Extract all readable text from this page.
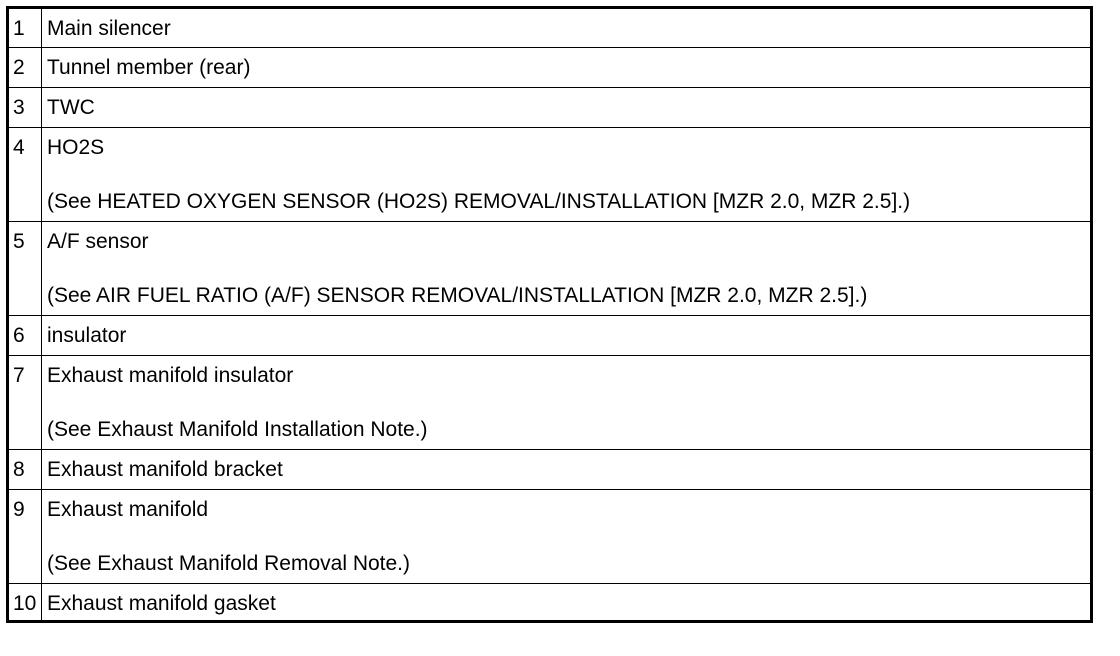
1	Main silencer

2	Tunnel member (rear)

3	TWC

4	HO2S
(See HEATED OXYGEN SENSOR (HO2S) REMOVAL/INSTALLATION [MZR 2.0, MZR 2.5].)

5	A/F sensor
(See AIR FUEL RATIO (A/F) SENSOR REMOVAL/INSTALLATION [MZR 2.0, MZR 2.5].)

6	insulator

7	Exhaust manifold insulator
(See Exhaust Manifold Installation Note.)

8	Exhaust manifold bracket

9	Exhaust manifold
(See Exhaust Manifold Removal Note.)

10	Exhaust manifold gasket
